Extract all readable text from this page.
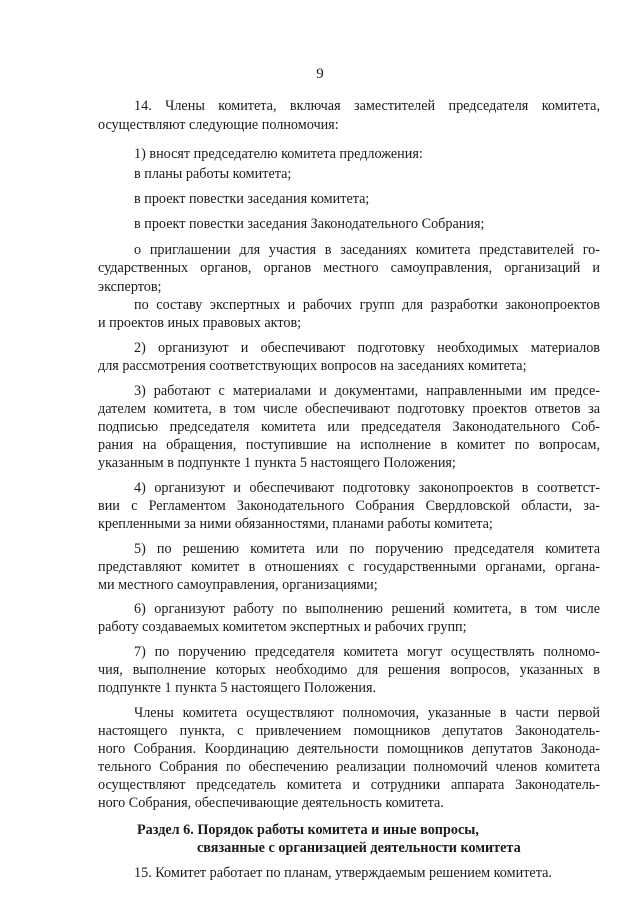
9
14. Члены комитета, включая заместителей председателя комитета,
осуществляют следующие полномочия:
1) вносят председателю комитета предложения:
в планы работы комитета;
в проект повестки заседания комитета;
в проект повестки заседания Законодательного Собрания;
о приглашении для участия в заседаниях комитета представителей го-
сударственных органов, органов местного самоуправления, организаций и
экспертов;
по составу экспертных и рабочих групп для разработки законопроектов
и проектов иных правовых актов;
2) организуют и обеспечивают подготовку необходимых материалов
для рассмотрения соответствующих вопросов на заседаниях комитета;
3) работают с материалами и документами, направленными им предсе-
дателем комитета, в том числе обеспечивают подготовку проектов ответов за
подписью председателя комитета или председателя Законодательного Соб-
рания на обращения, поступившие на исполнение в комитет по вопросам,
указанным в подпункте 1 пункта 5 настоящего Положения;
4) организуют и обеспечивают подготовку законопроектов в соответст-
вии с Регламентом Законодательного Собрания Свердловской области, за-
крепленными за ними обязанностями, планами работы комитета;
5) по решению комитета или по поручению председателя комитета
представляют комитет в отношениях с государственными органами, органа-
ми местного самоуправления, организациями;
6) организуют работу по выполнению решений комитета, в том числе
работу создаваемых комитетом экспертных и рабочих групп;
7) по поручению председателя комитета могут осуществлять полномо-
чия, выполнение которых необходимо для решения вопросов, указанных в
подпункте 1 пункта 5 настоящего Положения.
Члены комитета осуществляют полномочия, указанные в части первой
настоящего пункта, с привлечением помощников депутатов Законодатель-
ного Собрания. Координацию деятельности помощников депутатов Законода-
тельного Собрания по обеспечению реализации полномочий членов комитета
осуществляют председатель комитета и сотрудники аппарата Законодатель-
ного Собрания, обеспечивающие деятельность комитета.
Раздел 6. Порядок работы комитета и иные вопросы,
связанные с организацией деятельности комитета
15. Комитет работает по планам, утверждаемым решением комитета.
